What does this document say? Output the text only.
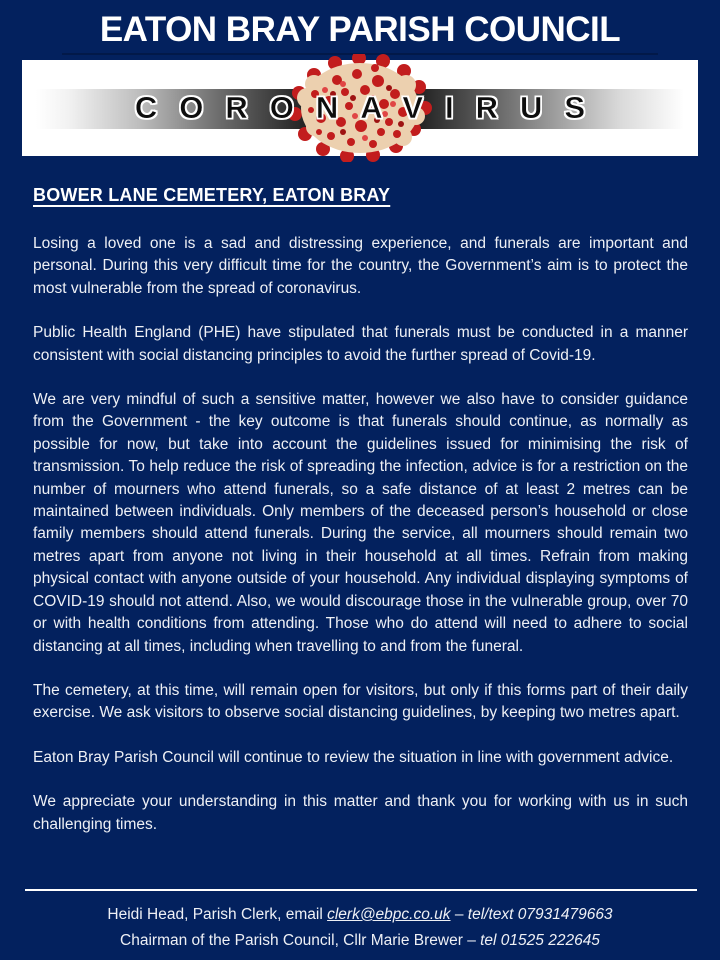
EATON BRAY PARISH COUNCIL
CORONAVIRUS
BOWER LANE CEMETERY, EATON BRAY

Losing a loved one is a sad and distressing experience, and funerals are important and personal. During this very difficult time for the country, the Government’s aim is to protect the most vulnerable from the spread of coronavirus.

Public Health England (PHE) have stipulated that funerals must be conducted in a manner consistent with social distancing principles to avoid the further spread of Covid-19.

We are very mindful of such a sensitive matter, however we also have to consider guidance from the Government - the key outcome is that funerals should continue, as normally as possible for now, but take into account the guidelines issued for minimising the risk of transmission. To help reduce the risk of spreading the infection, advice is for a restriction on the number of mourners who attend funerals, so a safe distance of at least 2 metres can be maintained between individuals. Only members of the deceased person’s household or close family members should attend funerals. During the service, all mourners should remain two metres apart from anyone not living in their household at all times. Refrain from making physical contact with anyone outside of your household. Any individual displaying symptoms of COVID-19 should not attend. Also, we would discourage those in the vulnerable group, over 70 or with health conditions from attending. Those who do attend will need to adhere to social distancing at all times, including when travelling to and from the funeral.

The cemetery, at this time, will remain open for visitors, but only if this forms part of their daily exercise. We ask visitors to observe social distancing guidelines, by keeping two metres apart.

Eaton Bray Parish Council will continue to review the situation in line with government advice.

We appreciate your understanding in this matter and thank you for working with us in such challenging times.

Heidi Head, Parish Clerk, email clerk@ebpc.co.uk – tel/text 07931479663
Chairman of the Parish Council, Cllr Marie Brewer – tel 01525 222645
